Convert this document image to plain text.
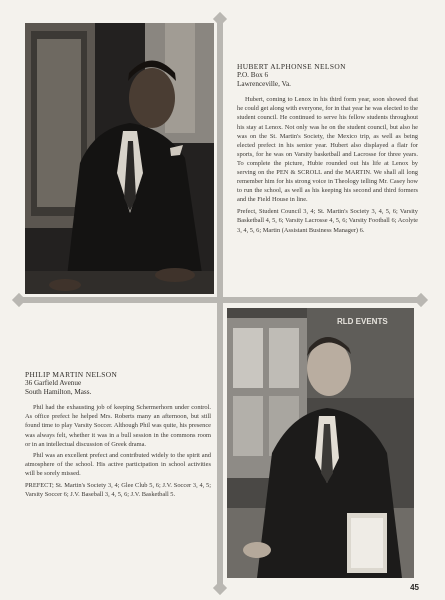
HUBERT ALPHONSE NELSON
P.O. Box 6
Lawrenceville, Va.

Hubert, coming to Lenox in his third form year, soon showed that he could get along with everyone, for in that year he was elected to the student council. He continued to serve his fellow students throughout his stay at Lenox. Not only was he on the student council, but also he was on the St. Martin's Society, the Mexico trip, as well as being elected prefect in his senior year. Hubert also displayed a flair for sports, for he was on Varsity basketball and Lacrosse for three years. To complete the picture, Hubie rounded out his life at Lenox by serving on the PEN & SCROLL and the MARTIN. We shall all long remember him for his strong voice in Theology telling Mr. Casey how to run the school, as well as his keeping his second and third formers and the Field House in line.

Prefect, Student Council 3, 4; St. Martin's Society 3, 4, 5, 6; Varsity Basketball 4, 5, 6; Varsity Lacrosse 4, 5, 6; Varsity Football 6; Acolyte 3, 4, 5, 6; Martin (Assistant Business Manager) 6.
PHILIP MARTIN NELSON
36 Garfield Avenue
South Hamilton, Mass.

Phil had the exhausting job of keeping Schermerhorn under control. As office prefect he helped Mrs. Roberts many an afternoon, but still found time to play Varsity Soccer. Although Phil was quite, his presence was always felt, whether it was in a bull session in the commons room or in an intellectual discussion of Greek drama.

Phil was an excellent prefect and contributed widely to the spirit and atmosphere of the school. His active participation in school activities will be sorely missed.

PREFECT; St. Martin's Society 3, 4; Glee Club 5, 6; J.V. Soccer 3, 4, 5; Varsity Soccer 6; J.V. Baseball 3, 4, 5, 6; J.V. Basketball 5.
RLD EVENTS
45
